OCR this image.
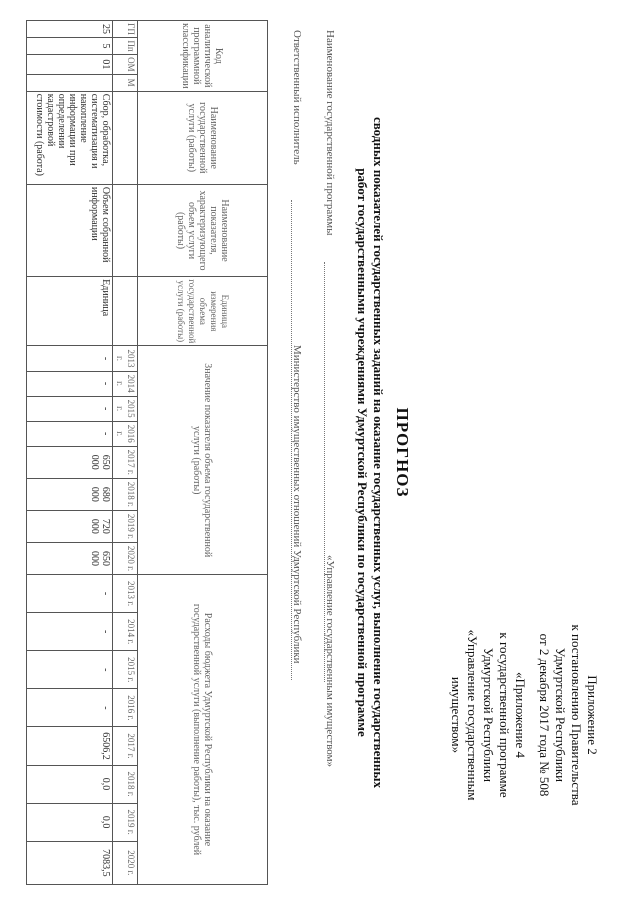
Приложение 2
к постановлению Правительства
Удмуртской Республики
от 2 декабря 2017 года № 508
«Приложение 4
к государственной программе
Удмуртской Республики
«Управление государственным
имуществом»
ПРОГНОЗ
сводных показателей государственных заданий на оказание государственных услуг, выполнение государственных
работ государственными учреждениями Удмуртской Республики по государственной программе
Наименование государственной программы
«Управление государственным имуществом»
Ответственный исполнитель
Министерство имущественных отношений Удмуртской Республики
Код аналитической программной классификации				Наименование государственной услуги (работы)	Наименование показателя, характеризующего объем услуги (работы)	Единица измерения объема государственной услуги (работы)	Значение показателя объема государственной услуги (работы)								Расходы бюджета Удмуртской Республики на оказание государственной услуги (выполнение работы), тыс. рублей							
ГП	Пп	ОМ	М				2013 г.	2014 г.	2015 г.	2016 г.	2017 г.	2018 г.	2019 г.	2020 г.	2013 г.	2014 г.	2015 г.	2016 г.	2017 г.	2018 г.	2019 г.	2020 г.
25	5	01		Сбор, обработка, систематизация и накопление информации при определении кадастровой стоимости (работа)	Объем собранной информации	Единица	-	-	-	-	650 000	680 000	720 000	650 000	-	-	-	-	6506,2	0,0	0,0	7083,5
